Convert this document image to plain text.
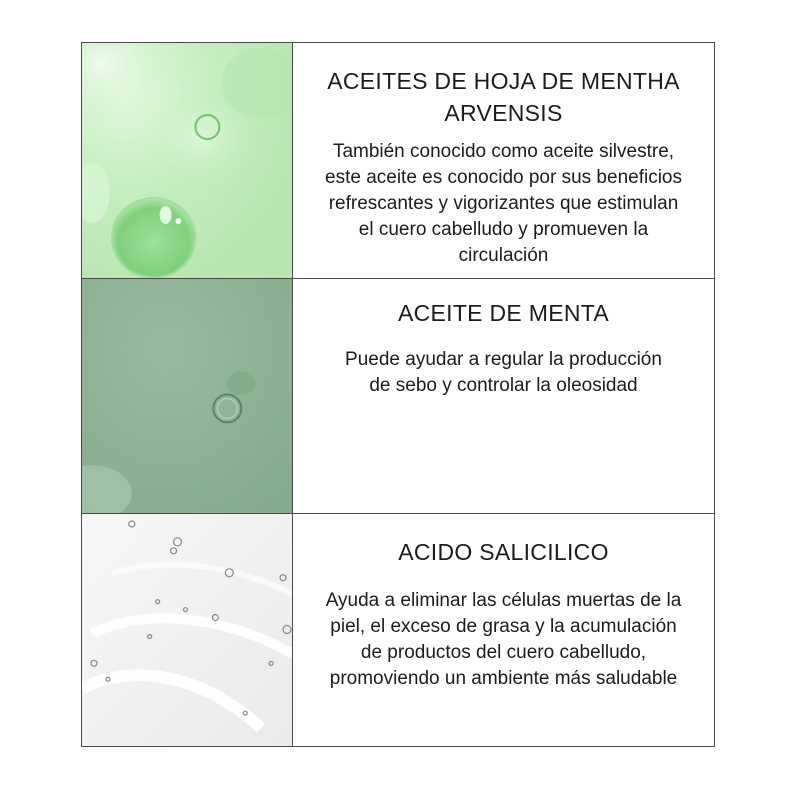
ACEITES DE HOJA DE MENTHA ARVENSIS

También conocido como aceite silvestre, este aceite es conocido por sus beneficios refrescantes y vigorizantes que estimulan el cuero cabelludo y promueven la circulación

ACEITE DE MENTA

Puede ayudar a regular la producción de sebo y controlar la oleosidad

ACIDO SALICILICO

Ayuda a eliminar las células muertas de la piel, el exceso de grasa y la acumulación de productos del cuero cabelludo, promoviendo un ambiente más saludable
